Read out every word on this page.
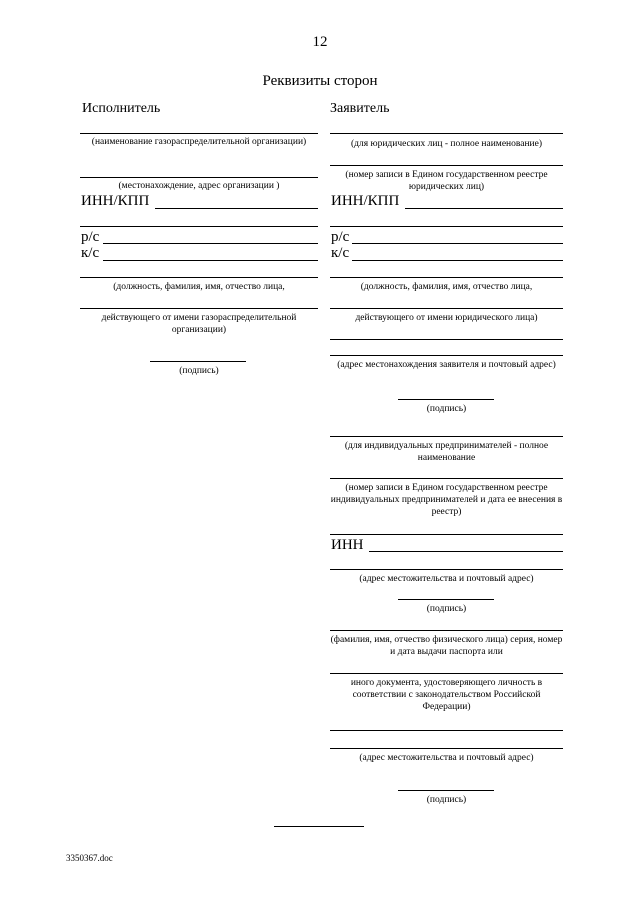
12
Реквизиты сторон
Исполнитель
(наименование газораспределительной организации)
(местонахождение, адрес организации )
ИНН/КПП
р/с
к/с
(должность, фамилия, имя, отчество лица,
действующего от имени газораспределительной организации)
(подпись)
Заявитель
(для юридических лиц - полное наименование)
(номер записи в Едином государственном реестре юридических лиц)
ИНН/КПП
р/с
к/с
(должность, фамилия, имя, отчество лица,
действующего от имени юридического лица)
(адрес местонахождения заявителя и почтовый адрес)
(подпись)
(для индивидуальных предпринимателей - полное наименование
(номер записи в Едином государственном реестре индивидуальных предпринимателей и дата ее внесения в реестр)
ИНН
(адрес местожительства и почтовый адрес)
(подпись)
(фамилия, имя, отчество физического лица) серия, номер и дата выдачи паспорта или
иного документа, удостоверяющего личность в соответствии с законодательством Российской Федерации)
(адрес местожительства и почтовый адрес)
(подпись)
3350367.doc
